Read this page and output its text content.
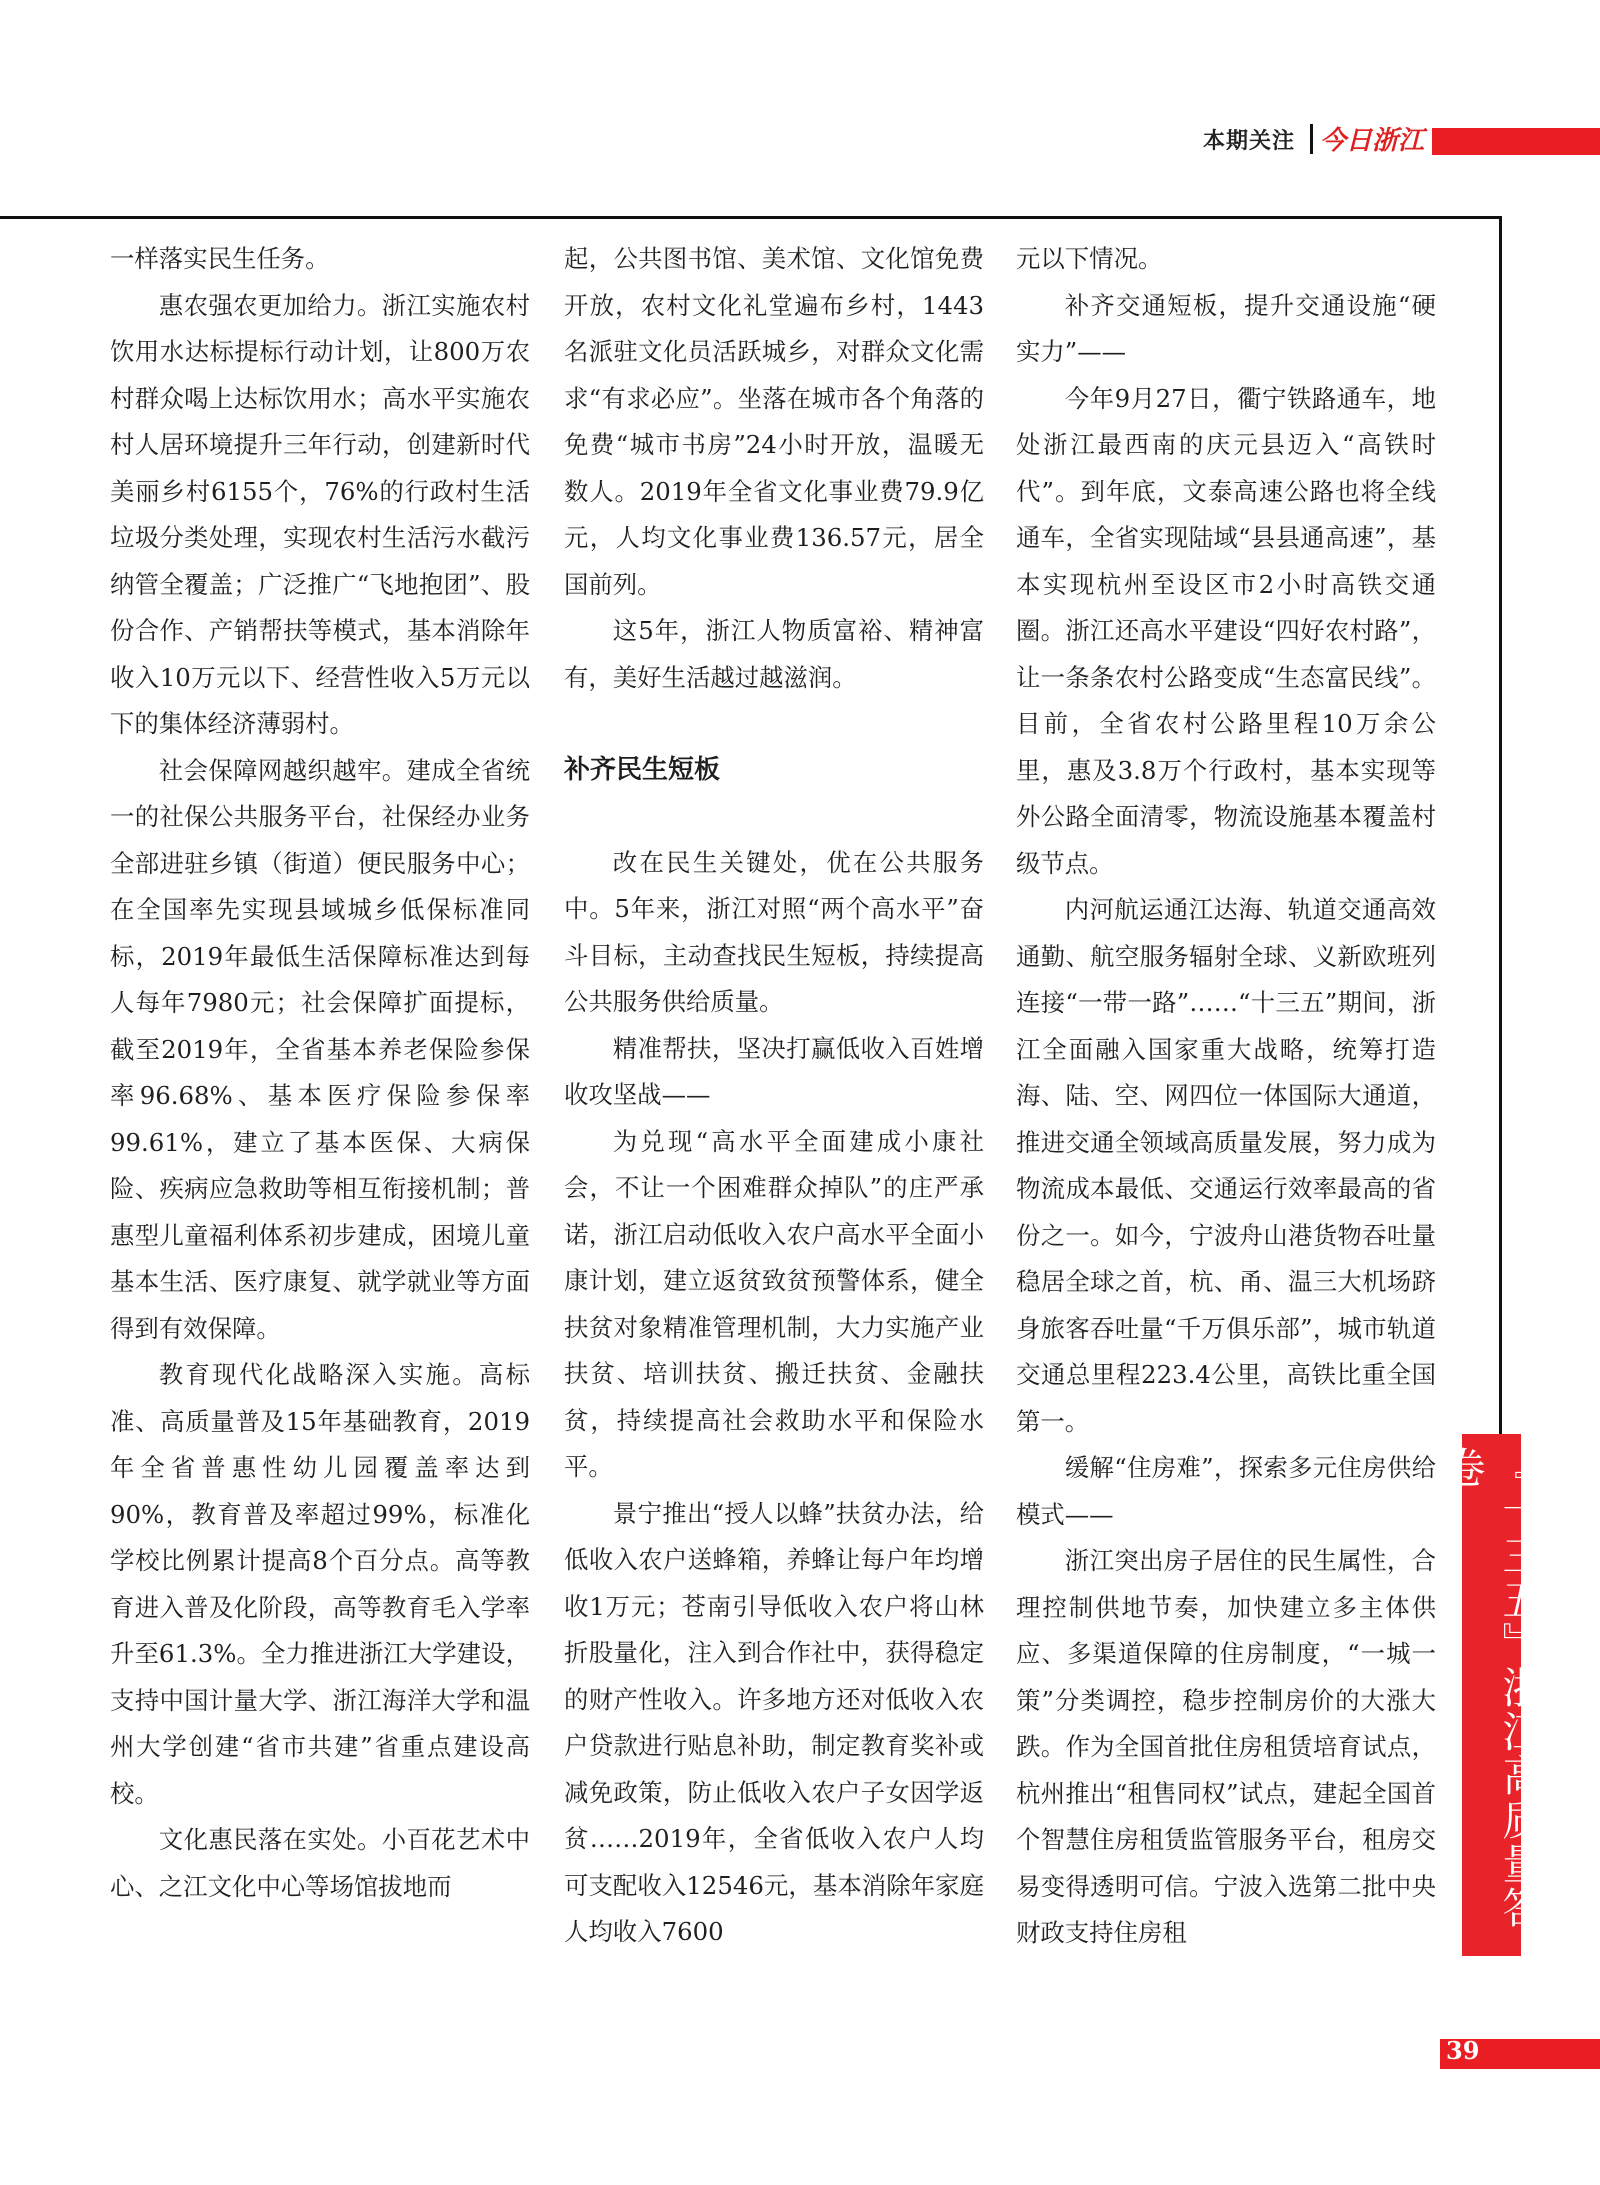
本期关注 今日浙江

一样落实民生任务。

惠农强农更加给力。浙江实施农村饮用水达标提标行动计划，让800万农村群众喝上达标饮用水；高水平实施农村人居环境提升三年行动，创建新时代美丽乡村6155个，76%的行政村生活垃圾分类处理，实现农村生活污水截污纳管全覆盖；广泛推广“飞地抱团”、股份合作、产销帮扶等模式，基本消除年收入10万元以下、经营性收入5万元以下的集体经济薄弱村。

社会保障网越织越牢。建成全省统一的社保公共服务平台，社保经办业务全部进驻乡镇（街道）便民服务中心；在全国率先实现县域城乡低保标准同标，2019年最低生活保障标准达到每人每年7980元；社会保障扩面提标，截至2019年，全省基本养老保险参保率96.68%、基本医疗保险参保率99.61%，建立了基本医保、大病保险、疾病应急救助等相互衔接机制；普惠型儿童福利体系初步建成，困境儿童基本生活、医疗康复、就学就业等方面得到有效保障。

教育现代化战略深入实施。高标准、高质量普及15年基础教育，2019年全省普惠性幼儿园覆盖率达到90%，教育普及率超过99%，标准化学校比例累计提高8个百分点。高等教育进入普及化阶段，高等教育毛入学率升至61.3%。全力推进浙江大学建设，支持中国计量大学、浙江海洋大学和温州大学创建“省市共建”省重点建设高校。

文化惠民落在实处。小百花艺术中心、之江文化中心等场馆拔地而

起，公共图书馆、美术馆、文化馆免费开放，农村文化礼堂遍布乡村，1443名派驻文化员活跃城乡，对群众文化需求“有求必应”。坐落在城市各个角落的免费“城市书房”24小时开放，温暖无数人。2019年全省文化事业费79.9亿元，人均文化事业费136.57元，居全国前列。

这5年，浙江人物质富裕、精神富有，美好生活越过越滋润。

补齐民生短板

改在民生关键处，优在公共服务中。5年来，浙江对照“两个高水平”奋斗目标，主动查找民生短板，持续提高公共服务供给质量。

精准帮扶，坚决打赢低收入百姓增收攻坚战——

为兑现“高水平全面建成小康社会，不让一个困难群众掉队”的庄严承诺，浙江启动低收入农户高水平全面小康计划，建立返贫致贫预警体系，健全扶贫对象精准管理机制，大力实施产业扶贫、培训扶贫、搬迁扶贫、金融扶贫，持续提高社会救助水平和保险水平。

景宁推出“授人以蜂”扶贫办法，给低收入农户送蜂箱，养蜂让每户年均增收1万元；苍南引导低收入农户将山林折股量化，注入到合作社中，获得稳定的财产性收入。许多地方还对低收入农户贷款进行贴息补助，制定教育奖补或减免政策，防止低收入农户子女因学返贫……2019年，全省低收入农户人均可支配收入12546元，基本消除年家庭人均收入7600

元以下情况。

补齐交通短板，提升交通设施“硬实力”——

今年9月27日，衢宁铁路通车，地处浙江最西南的庆元县迈入“高铁时代”。到年底，文泰高速公路也将全线通车，全省实现陆域“县县通高速”，基本实现杭州至设区市2小时高铁交通圈。浙江还高水平建设“四好农村路”，让一条条农村公路变成“生态富民线”。目前，全省农村公路里程10万余公里，惠及3.8万个行政村，基本实现等外公路全面清零，物流设施基本覆盖村级节点。

内河航运通江达海、轨道交通高效通勤、航空服务辐射全球、义新欧班列连接“一带一路”……“十三五”期间，浙江全面融入国家重大战略，统筹打造海、陆、空、网四位一体国际大通道，推进交通全领域高质量发展，努力成为物流成本最低、交通运行效率最高的省份之一。如今，宁波舟山港货物吞吐量稳居全球之首，杭、甬、温三大机场跻身旅客吞吐量“千万俱乐部”，城市轨道交通总里程223.4公里，高铁比重全国第一。

缓解“住房难”，探索多元住房供给模式——

浙江突出房子居住的民生属性，合理控制供地节奏，加快建立多主体供应、多渠道保障的住房制度，“一城一策”分类调控，稳步控制房价的大涨大跌。作为全国首批住房租赁培育试点，杭州推出“租售同权”试点，建起全国首个智慧住房租赁监管服务平台，租房交易变得透明可信。宁波入选第二批中央财政支持住房租

『十三五』浙江高质量答卷
39
